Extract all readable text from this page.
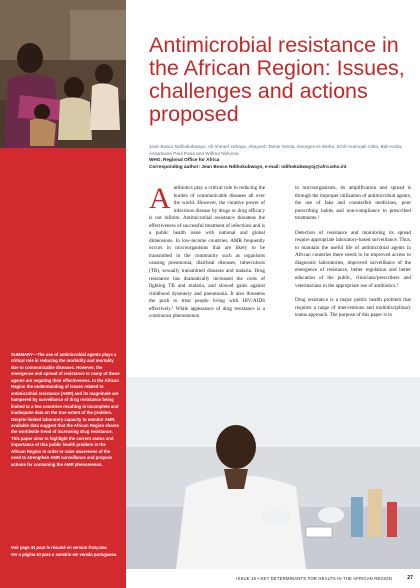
SUMMARY—The use of antimicrobial agents plays a critical role in reducing the morbidity and mortality due to communicable diseases. However, the emergence and spread of resistance to many of these agents are negating their effectiveness. In the African Region the understanding of issues related to antimicrobial resistance (AMR) and its magnitude are hampered by surveillance of drug resistance being limited to a few countries resulting in incomplete and inadequate data on the true extent of the problem. Despite limited laboratory capacity to monitor AMR, available data suggest that the African Region shares the worldwide trend of increasing drug resistance. This paper aims to highlight the current status and importance of this public health problem in the African Region in order to raise awareness of the need to strengthen AMR surveillance and propose actions for containing the AMR phenomenon.
Voir page 34 pour le résumé en version française.
Ver a página 53 para o sumário em versão portuguesa.
Antimicrobial resistance in the African Region: Issues, challenges and actions proposed
Jean Bosco Ndihokubwayo, Ali Ahmed Yahaya, Abayneh Tamer Desta, Georges Ki-Zerbo, Emil Asamoah Odei, Bah Keita, Assamwoe Paul Pana and Wilfred Nkhoma
WHO, Regional Office for Africa
Corresponding author: Jean Bosco Ndihokubwayo, e-mail: ndihokubwayoj@afro.who.int

Antibiotics play a critical role in reducing the burden of communicable diseases all over the world. However, the curative power of infectious disease by drugs or drug efficacy is not infinite. Antimicrobial resistance threatens the effectiveness of successful treatment of infections and is a public health issue with national and global dimensions. In low-income countries, AMR frequently occurs in microorganisms that are likely to be transmitted in the community such as organisms causing pneumonia, diarrheal diseases, tuberculosis (TB), sexually transmitted diseases and malaria. Drug resistance has dramatically increased the costs of fighting TB and malaria, and slowed gains against childhood dysentery and pneumonia. It also threatens the push to treat people living with HIV/AIDS effectively.¹ While appearance of drug resistance is a continuous phenomenon

in microorganisms, its amplification and spread is through the improper utilization of antimicrobial agents, the use of fake and counterfeit medicines, poor prescribing habits and non-compliance to prescribed treatments.²

Detection of resistance and monitoring its spread require appropriate laboratory-based surveillance. Thus, to maintain the useful life of antimicrobial agents in African countries there needs to be improved access to diagnostic laboratories, improved surveillance of the emergence of resistance, better regulation and better education of the public, clinicians/prescribers and veterinarians in the appropriate use of antibiotics.³

Drug resistance is a major public health problem that requires a range of interventions and multidisciplinary teams approach. The purpose of this paper is to

ISSUE 16 • KEY DETERMINANTS FOR HEALTH IN THE AFRICAN REGION	27
